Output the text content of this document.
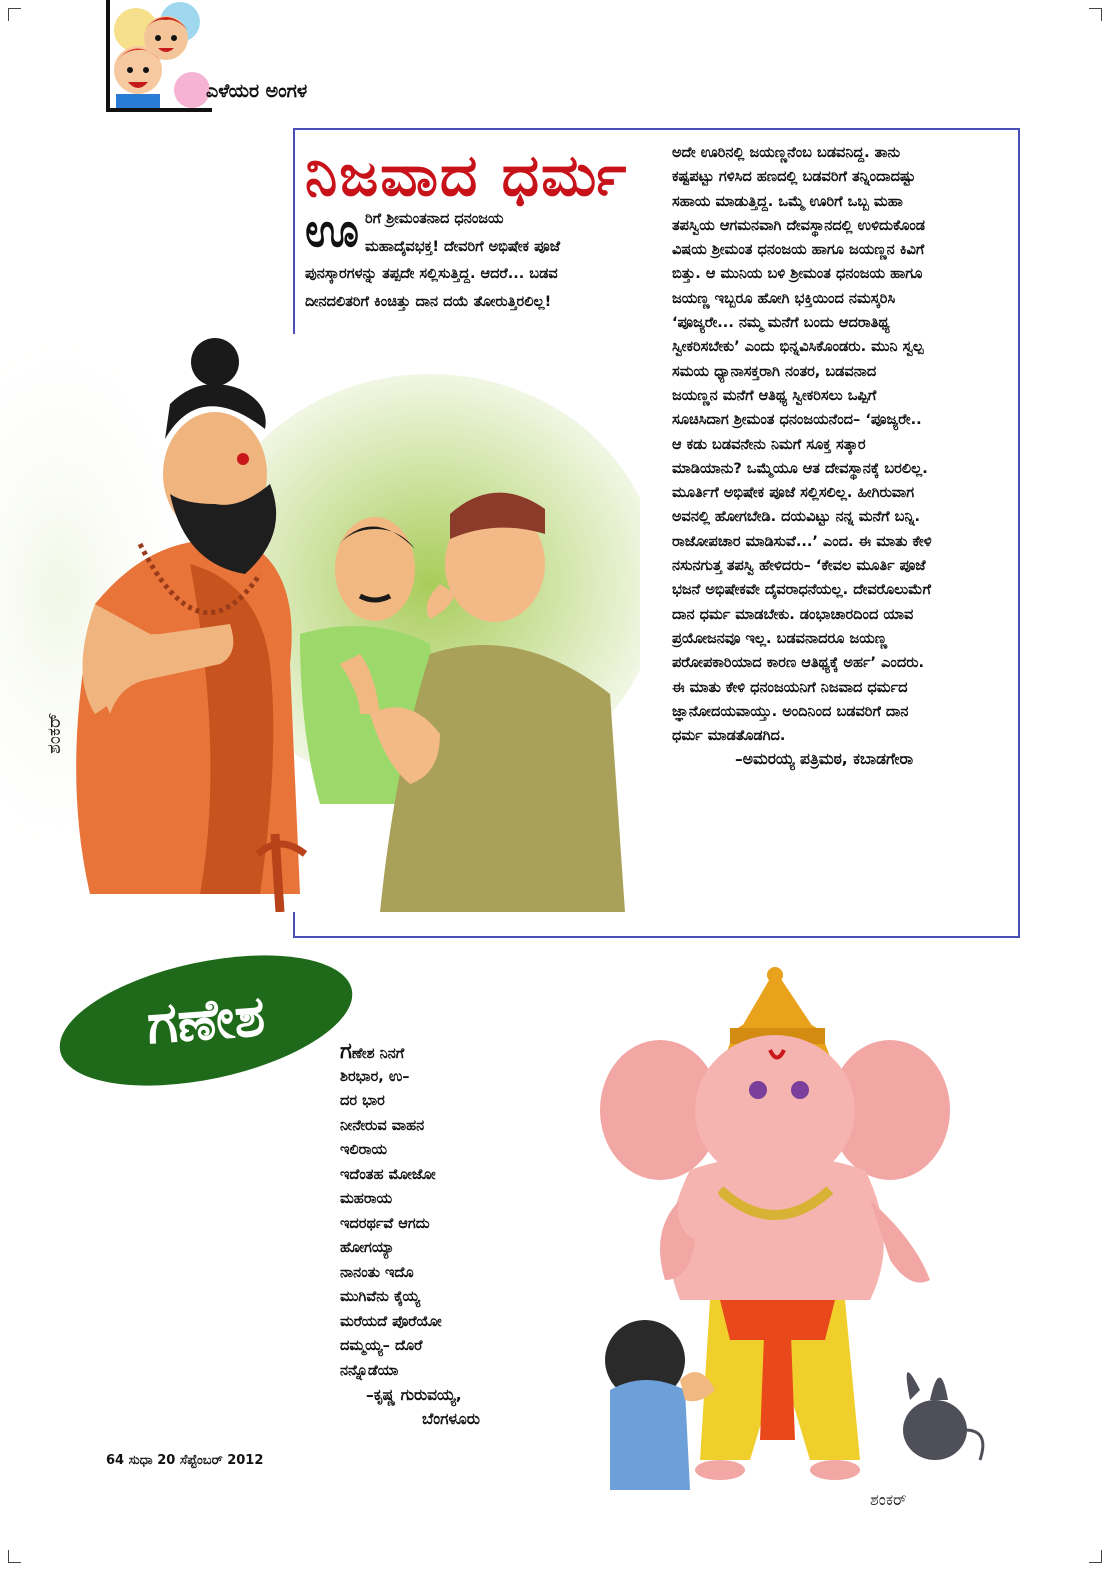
ಎಳೆಯರ ಅಂಗಳ
ನಿಜವಾದ ಧರ್ಮ
ಊ ರಿಗೆ ಶ್ರೀಮಂತನಾದ ಧನಂಜಯ
ಮಹಾದೈವಭಕ್ತ! ದೇವರಿಗೆ ಅಭಿಷೇಕ ಪೂಜೆ
ಪುನಸ್ಕಾರಗಳನ್ನು ತಪ್ಪದೇ ಸಲ್ಲಿಸುತ್ತಿದ್ದ. ಆದರೆ... ಬಡವ
ದೀನದಲಿತರಿಗೆ ಕಿಂಚಿತ್ತು ದಾನ ದಯೆ ತೋರುತ್ತಿರಲಿಲ್ಲ!
ಅದೇ ಊರಿನಲ್ಲಿ ಜಯಣ್ಣನೆಂಬ ಬಡವನಿದ್ದ. ತಾನು
ಕಷ್ಟಪಟ್ಟು ಗಳಿಸಿದ ಹಣದಲ್ಲಿ ಬಡವರಿಗೆ ತನ್ನಿಂದಾದಷ್ಟು
ಸಹಾಯ ಮಾಡುತ್ತಿದ್ದ. ಒಮ್ಮೆ ಊರಿಗೆ ಒಬ್ಬ ಮಹಾ
ತಪಸ್ವಿಯ ಆಗಮನವಾಗಿ ದೇವಸ್ಥಾನದಲ್ಲಿ ಉಳಿದುಕೊಂಡ
ವಿಷಯ ಶ್ರೀಮಂತ ಧನಂಜಯ ಹಾಗೂ ಜಯಣ್ಣನ ಕಿವಿಗೆ
ಬಿತ್ತು. ಆ ಮುನಿಯ ಬಳಿ ಶ್ರೀಮಂತ ಧನಂಜಯ ಹಾಗೂ
ಜಯಣ್ಣ ಇಬ್ಬರೂ ಹೋಗಿ ಭಕ್ತಿಯಿಂದ ನಮಸ್ಕರಿಸಿ
‘ಪೂಜ್ಯರೇ... ನಮ್ಮ ಮನೆಗೆ ಬಂದು ಆದರಾತಿಥ್ಯ
ಸ್ವೀಕರಿಸಬೇಕು’ ಎಂದು ಭಿನ್ನವಿಸಿಕೊಂಡರು. ಮುನಿ ಸ್ವಲ್ಪ
ಸಮಯ ಧ್ಯಾನಾಸಕ್ತರಾಗಿ ನಂತರ, ಬಡವನಾದ
ಜಯಣ್ಣನ ಮನೆಗೆ ಆತಿಥ್ಯ ಸ್ವೀಕರಿಸಲು ಒಪ್ಪಿಗೆ
ಸೂಚಿಸಿದಾಗ ಶ್ರೀಮಂತ ಧನಂಜಯನೆಂದ– ‘ಪೂಜ್ಯರೇ..
ಆ ಕಡು ಬಡವನೇನು ನಿಮಗೆ ಸೂಕ್ತ ಸತ್ಕಾರ
ಮಾಡಿಯಾನು? ಒಮ್ಮೆಯೂ ಆತ ದೇವಸ್ಥಾನಕ್ಕೆ ಬರಲಿಲ್ಲ.
ಮೂರ್ತಿಗೆ ಅಭಿಷೇಕ ಪೂಜೆ ಸಲ್ಲಿಸಲಿಲ್ಲ. ಹೀಗಿರುವಾಗ
ಅವನಲ್ಲಿ ಹೋಗಬೇಡಿ. ದಯವಿಟ್ಟು ನನ್ನ ಮನೆಗೆ ಬನ್ನಿ.
ರಾಜೋಪಚಾರ ಮಾಡಿಸುವೆ...’ ಎಂದ. ಈ ಮಾತು ಕೇಳಿ
ನಸುನಗುತ್ತ ತಪಸ್ವಿ ಹೇಳಿದರು– ‘ಕೇವಲ ಮೂರ್ತಿ ಪೂಜೆ
ಭಜನೆ ಅಭಿಷೇಕವೇ ದೈವರಾಧನೆಯಲ್ಲ. ದೇವರೊಲುಮೆಗೆ
ದಾನ ಧರ್ಮ ಮಾಡಬೇಕು. ಡಂಭಾಚಾರದಿಂದ ಯಾವ
ಪ್ರಯೋಜನವೂ ಇಲ್ಲ. ಬಡವನಾದರೂ ಜಯಣ್ಣ
ಪರೋಪಕಾರಿಯಾದ ಕಾರಣ ಆತಿಥ್ಯಕ್ಕೆ ಅರ್ಹ’ ಎಂದರು.
ಈ ಮಾತು ಕೇಳಿ ಧನಂಜಯನಿಗೆ ನಿಜವಾದ ಧರ್ಮದ
ಜ್ಞಾನೋದಯವಾಯ್ತು. ಅಂದಿನಿಂದ ಬಡವರಿಗೆ ದಾನ
ಧರ್ಮ ಮಾಡತೊಡಗಿದ.
–ಅಮರಯ್ಯ ಪತ್ರಿಮಠ, ಕಬಾಡಗೇರಾ
ಶಂಕರ್
ಗಣೇಶ	ಗಣೇಶ ನಿನಗೆ
ಶಿರಭಾರ, ಉ–
ದರ ಭಾರ
ನೀನೇರುವ ವಾಹನ
ಇಲಿರಾಯ
ಇದೆಂತಹ ಮೋಜೋ
ಮಹರಾಯ
ಇದರರ್ಥವೆ ಆಗದು
ಹೋಗಯ್ಯಾ
ನಾನಂತು ಇದೊ
ಮುಗಿವೆನು ಕೈಯ್ಯ
ಮರೆಯದೆ ಪೊರೆಯೋ
ದಮ್ಮಯ್ಯ– ದೊರೆ
ನನ್ನೊಡೆಯಾ
–ಕೃಷ್ಣ ಗುರುವಯ್ಯ,
ಬೆಂಗಳೂರು
ಶಂಕರ್
64 ಸುಧಾ 20 ಸೆಪ್ಟೆಂಬರ್ 2012
